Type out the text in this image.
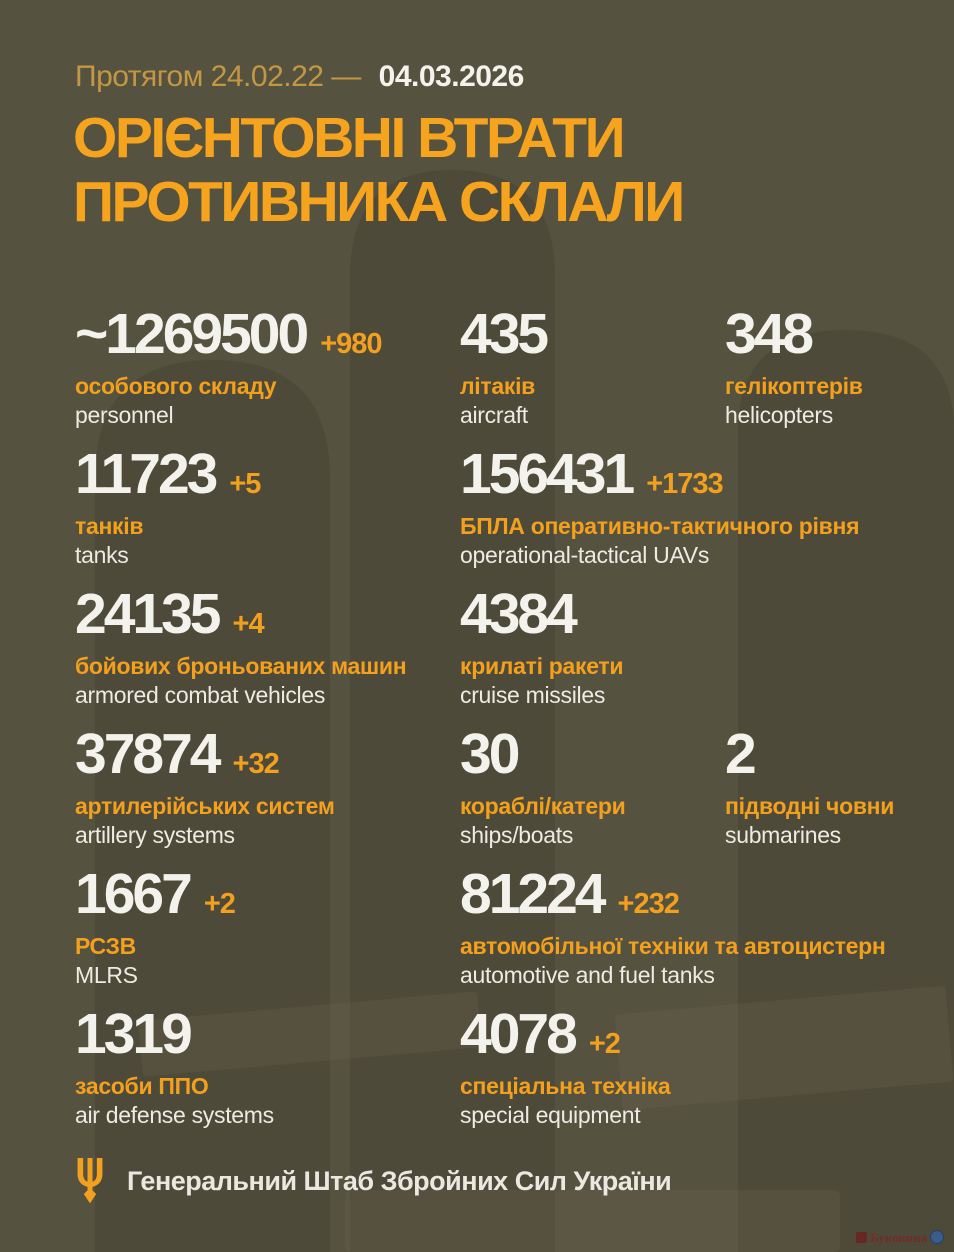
Протягом 24.02.22 — 04.03.2026
ОРІЄНТОВНІ ВТРАТИ
ПРОТИВНИКА СКЛАЛИ
~1269500 +980
особового складу
personnel
435
літаків
aircraft
348
гелікоптерів
helicopters
11723 +5
танків
tanks
156431 +1733
БПЛА оперативно-тактичного рівня
operational-tactical UAVs
24135 +4
бойових броньованих машин
armored combat vehicles
4384
крилаті ракети
cruise missiles
37874 +32
артилерійських систем
artillery systems
30
кораблі/катери
ships/boats
2
підводні човни
submarines
1667 +2
РСЗВ
MLRS
81224 +232
автомобільної техніки та автоцистерн
automotive and fuel tanks
1319
засоби ППО
air defense systems
4078 +2
спеціальна техніка
special equipment
Генеральний Штаб Збройних Сил України
Буковина
